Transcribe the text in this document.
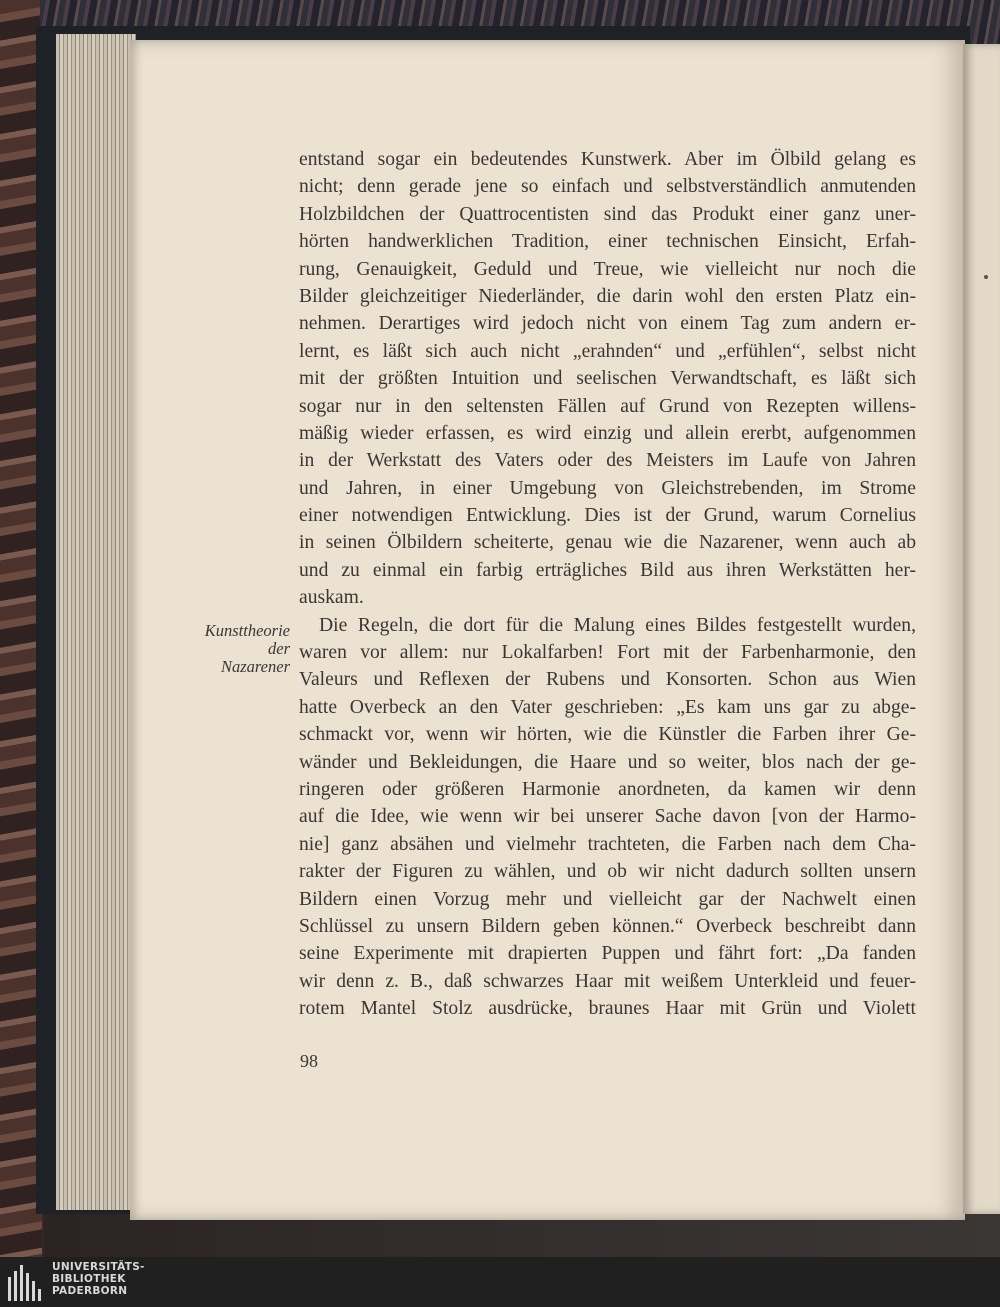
entstand sogar ein bedeutendes Kunstwerk. Aber im Ölbild gelang es
nicht; denn gerade jene so einfach und selbstverständlich anmutenden
Holzbildchen der Quattrocentisten sind das Produkt einer ganz uner-
hörten handwerklichen Tradition, einer technischen Einsicht, Erfah-
rung, Genauigkeit, Geduld und Treue, wie vielleicht nur noch die
Bilder gleichzeitiger Niederländer, die darin wohl den ersten Platz ein-
nehmen. Derartiges wird jedoch nicht von einem Tag zum andern er-
lernt, es läßt sich auch nicht „erahnden“ und „erfühlen“, selbst nicht
mit der größten Intuition und seelischen Verwandtschaft, es läßt sich
sogar nur in den seltensten Fällen auf Grund von Rezepten willens-
mäßig wieder erfassen, es wird einzig und allein ererbt, aufgenommen
in der Werkstatt des Vaters oder des Meisters im Laufe von Jahren
und Jahren, in einer Umgebung von Gleichstrebenden, im Strome
einer notwendigen Entwicklung. Dies ist der Grund, warum Cornelius
in seinen Ölbildern scheiterte, genau wie die Nazarener, wenn auch ab
und zu einmal ein farbig erträgliches Bild aus ihren Werkstätten her-
auskam.
Die Regeln, die dort für die Malung eines Bildes festgestellt wurden,
waren vor allem: nur Lokalfarben! Fort mit der Farbenharmonie, den
Valeurs und Reflexen der Rubens und Konsorten. Schon aus Wien
hatte Overbeck an den Vater geschrieben: „Es kam uns gar zu abge-
schmackt vor, wenn wir hörten, wie die Künstler die Farben ihrer Ge-
wänder und Bekleidungen, die Haare und so weiter, blos nach der ge-
ringeren oder größeren Harmonie anordneten, da kamen wir denn
auf die Idee, wie wenn wir bei unserer Sache davon [von der Harmo-
nie] ganz absähen und vielmehr trachteten, die Farben nach dem Cha-
rakter der Figuren zu wählen, und ob wir nicht dadurch sollten unsern
Bildern einen Vorzug mehr und vielleicht gar der Nachwelt einen
Schlüssel zu unsern Bildern geben können.“ Overbeck beschreibt dann
seine Experimente mit drapierten Puppen und fährt fort: „Da fanden
wir denn z. B., daß schwarzes Haar mit weißem Unterkleid und feuer-
rotem Mantel Stolz ausdrücke, braunes Haar mit Grün und Violett
Kunsttheorie
der
Nazarener
98
UNIVERSITÄTS-
BIBLIOTHEK
PADERBORN
